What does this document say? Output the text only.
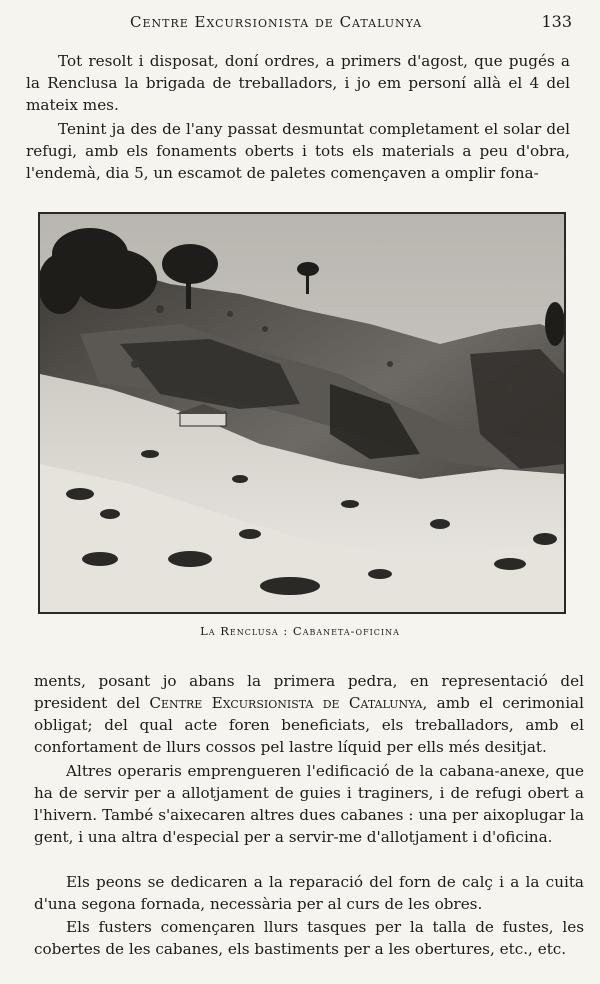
Centre Excursionista de Catalunya	133

Tot resolt i disposat, doní ordres, a primers d'agost, que pugés a la Renclusa la brigada de treballadors, i jo em personí allà el 4 del mateix mes.

Tenint ja des de l'any passat desmuntat completament el solar del refugi, amb els fonaments oberts i tots els materials a peu d'obra, l'endemà, dia 5, un escamot de paletes començaven a omplir fona-

La Renclusa : Cabaneta-oficina

ments, posant jo abans la primera pedra, en representació del president del Centre Excursionista de Catalunya, amb el cerimonial obligat; del qual acte foren beneficiats, els treballadors, amb el confortament de llurs cossos pel lastre líquid per ells més desitjat.

Altres operaris emprengueren l'edificació de la cabana-anexe, que ha de servir per a allotjament de guies i traginers, i de refugi obert a l'hivern. També s'aixecaren altres dues cabanes : una per aixoplugar la gent, i una altra d'especial per a servir-me d'allotjament i d'oficina.

Els peons se dedicaren a la reparació del forn de calç i a la cuita d'una segona fornada, necessària per al curs de les obres.

Els fusters començaren llurs tasques per la talla de fustes, les cobertes de les cabanes, els bastiments per a les obertures, etc., etc.
